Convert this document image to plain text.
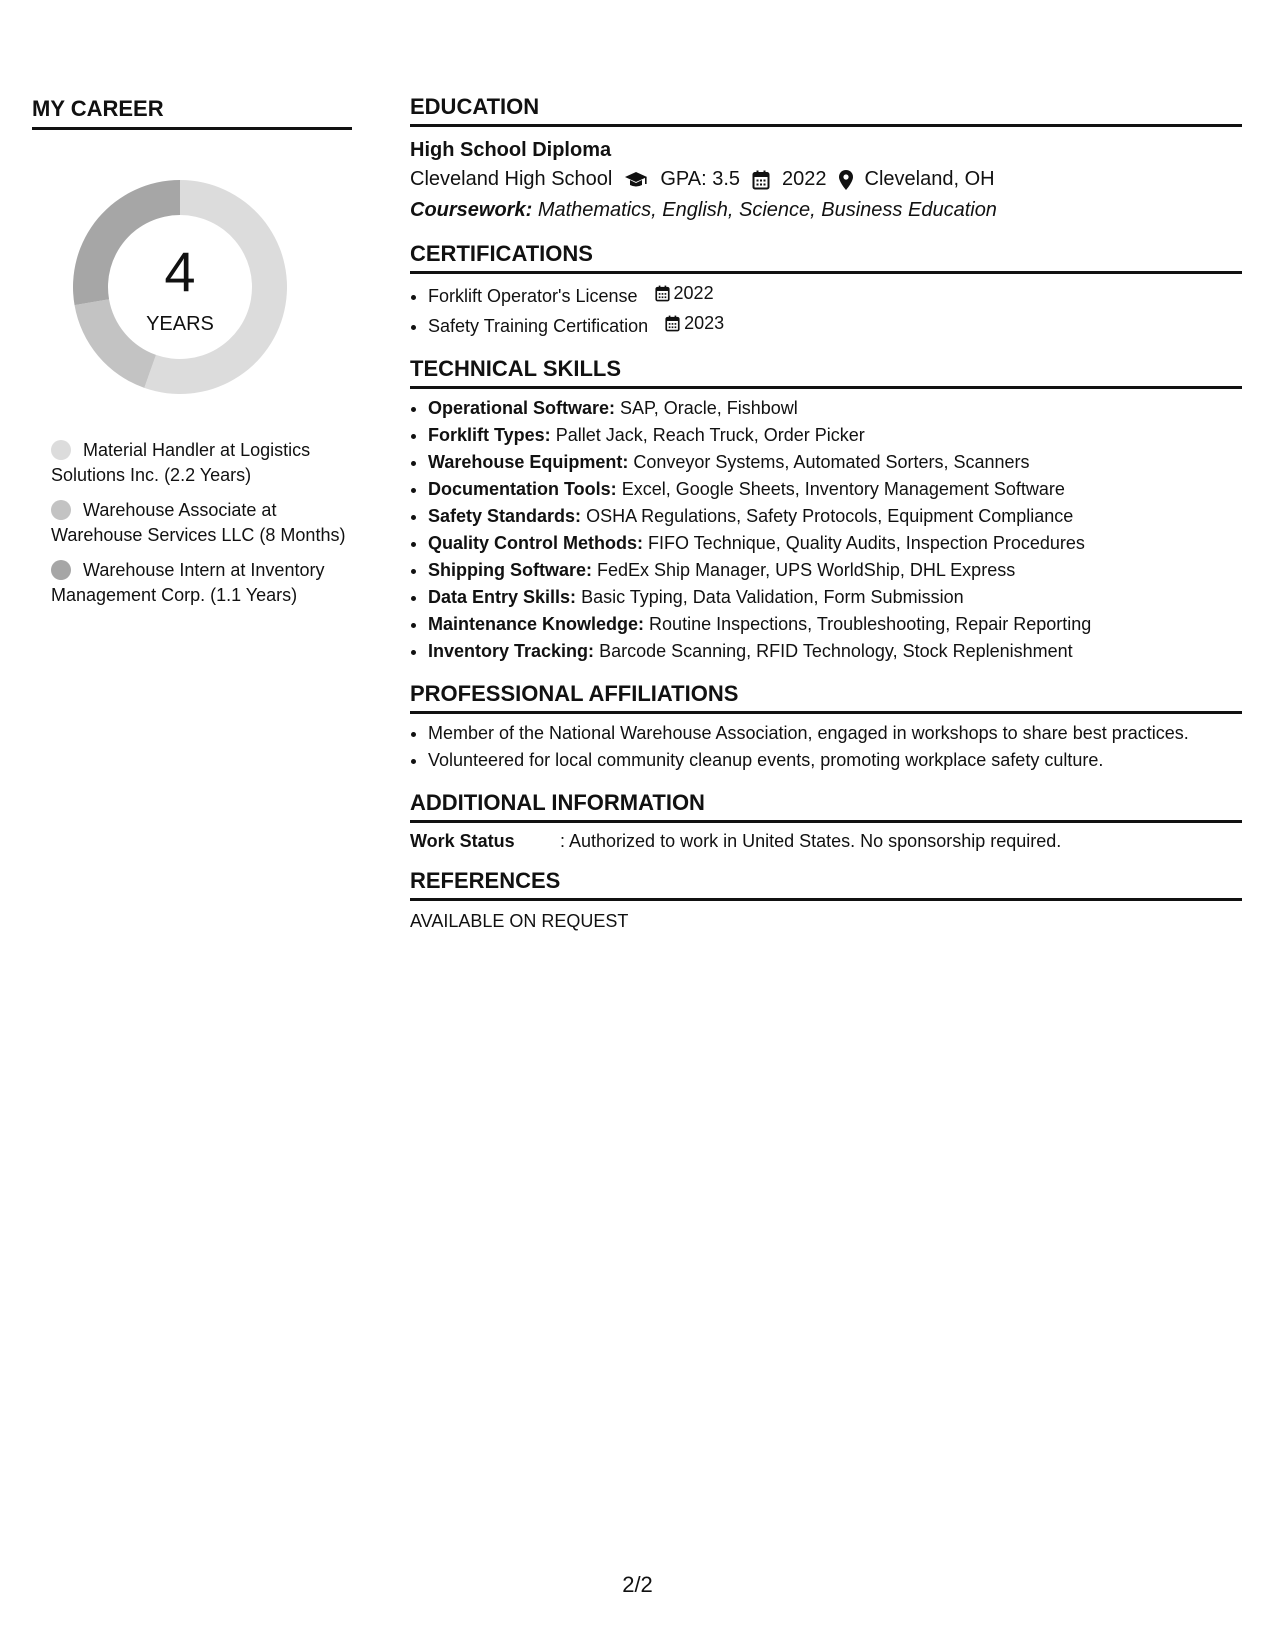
MY CAREER
4
YEARS
Material Handler at Logistics Solutions Inc. (2.2 Years)
Warehouse Associate at Warehouse Services LLC (8 Months)
Warehouse Intern at Inventory Management Corp. (1.1 Years)
EDUCATION
High School Diploma
Cleveland High School GPA: 3.5 2022 Cleveland, OH
Coursework: Mathematics, English, Science, Business Education
CERTIFICATIONS
• Forklift Operator's License 2022
• Safety Training Certification 2023
TECHNICAL SKILLS
• Operational Software: SAP, Oracle, Fishbowl
• Forklift Types: Pallet Jack, Reach Truck, Order Picker
• Warehouse Equipment: Conveyor Systems, Automated Sorters, Scanners
• Documentation Tools: Excel, Google Sheets, Inventory Management Software
• Safety Standards: OSHA Regulations, Safety Protocols, Equipment Compliance
• Quality Control Methods: FIFO Technique, Quality Audits, Inspection Procedures
• Shipping Software: FedEx Ship Manager, UPS WorldShip, DHL Express
• Data Entry Skills: Basic Typing, Data Validation, Form Submission
• Maintenance Knowledge: Routine Inspections, Troubleshooting, Repair Reporting
• Inventory Tracking: Barcode Scanning, RFID Technology, Stock Replenishment
PROFESSIONAL AFFILIATIONS
• Member of the National Warehouse Association, engaged in workshops to share best practices.
• Volunteered for local community cleanup events, promoting workplace safety culture.
ADDITIONAL INFORMATION
Work Status	: Authorized to work in United States. No sponsorship required.
REFERENCES
AVAILABLE ON REQUEST
2/2
